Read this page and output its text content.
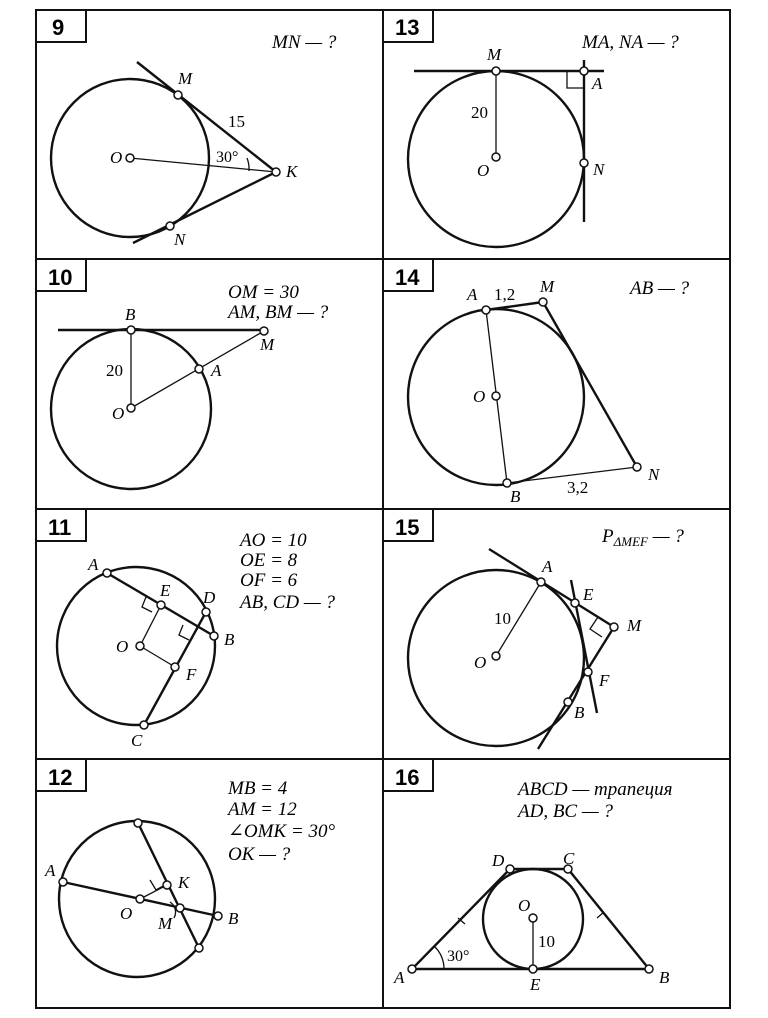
9
MN — ?
M
N
O
K
15
30°
13
MA, NA — ?
M
A
N
O
20
10
OM = 30
AM, BM — ?
B
M
A
O
20
14	AB — ?
A	M
O
B
N
1,2
3,2
11
AO = 10
OE = 8
OF = 6
AB, CD — ?
A
E D
B
O
F
C
15	$P_{\Delta MEF}$ — ?
A
E
M
O
F
B
10
12	MB = 4
AM = 12
∠OMK = 30°
OK — ?
A
K
O
M	B
16	ABCD — трапеция
AD, BC — ?
D	C
O
A	E	B
10
30°
